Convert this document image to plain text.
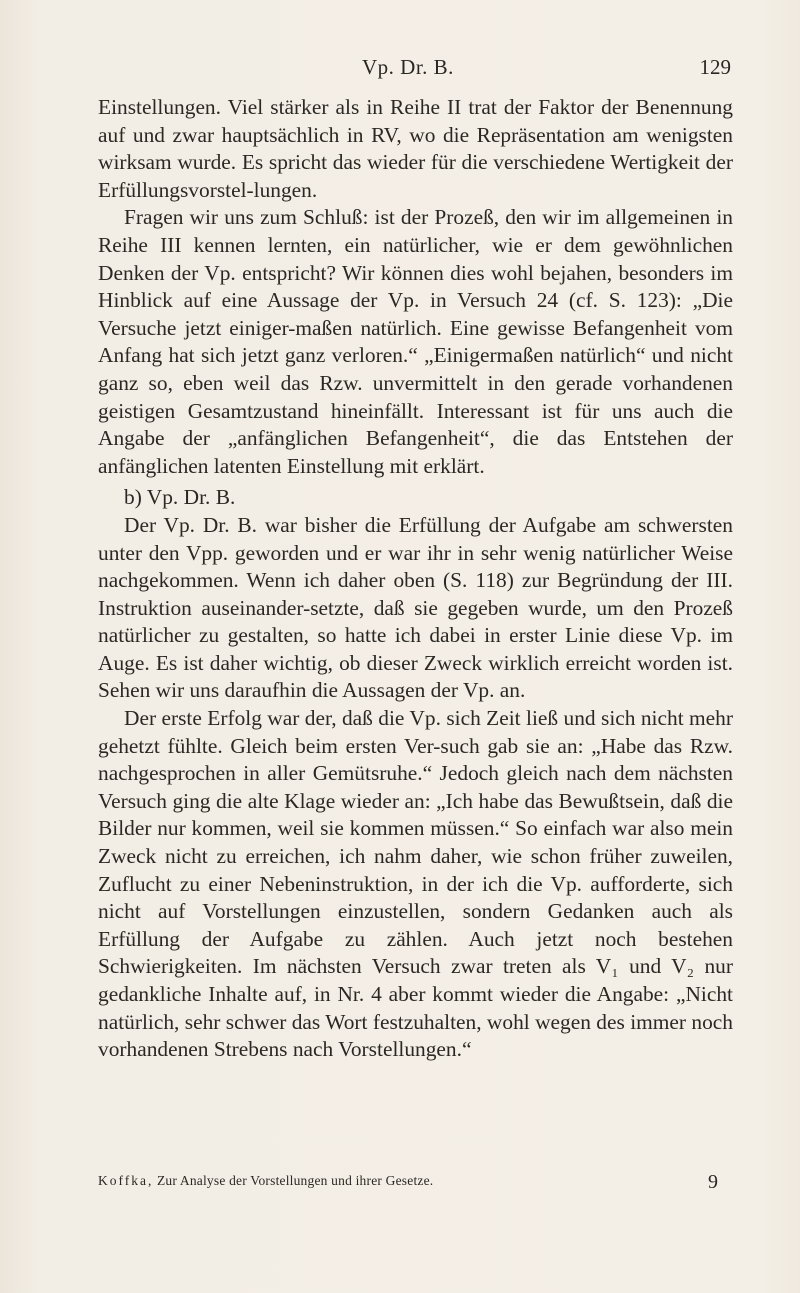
Vp. Dr. B.	129

Einstellungen. Viel stärker als in Reihe II trat der Faktor der Benennung auf und zwar hauptsächlich in RV, wo die Repräsentation am wenigsten wirksam wurde. Es spricht das wieder für die verschiedene Wertigkeit der Erfüllungsvorstel-lungen.

Fragen wir uns zum Schluß: ist der Prozeß, den wir im allgemeinen in Reihe III kennen lernten, ein natürlicher, wie er dem gewöhnlichen Denken der Vp. entspricht? Wir können dies wohl bejahen, besonders im Hinblick auf eine Aussage der Vp. in Versuch 24 (cf. S. 123): „Die Versuche jetzt einiger-maßen natürlich. Eine gewisse Befangenheit vom Anfang hat sich jetzt ganz verloren.“ „Einigermaßen natürlich“ und nicht ganz so, eben weil das Rzw. unvermittelt in den gerade vorhandenen geistigen Gesamtzustand hineinfällt. Interessant ist für uns auch die Angabe der „anfänglichen Befangenheit“, die das Entstehen der anfänglichen latenten Einstellung mit erklärt.

b) Vp. Dr. B.

Der Vp. Dr. B. war bisher die Erfüllung der Aufgabe am schwersten unter den Vpp. geworden und er war ihr in sehr wenig natürlicher Weise nachgekommen. Wenn ich daher oben (S. 118) zur Begründung der III. Instruktion auseinander-setzte, daß sie gegeben wurde, um den Prozeß natürlicher zu gestalten, so hatte ich dabei in erster Linie diese Vp. im Auge. Es ist daher wichtig, ob dieser Zweck wirklich erreicht worden ist. Sehen wir uns daraufhin die Aussagen der Vp. an.

Der erste Erfolg war der, daß die Vp. sich Zeit ließ und sich nicht mehr gehetzt fühlte. Gleich beim ersten Ver-such gab sie an: „Habe das Rzw. nachgesprochen in aller Gemütsruhe.“ Jedoch gleich nach dem nächsten Versuch ging die alte Klage wieder an: „Ich habe das Bewußtsein, daß die Bilder nur kommen, weil sie kommen müssen.“ So einfach war also mein Zweck nicht zu erreichen, ich nahm daher, wie schon früher zuweilen, Zuflucht zu einer Nebeninstruktion, in der ich die Vp. aufforderte, sich nicht auf Vorstellungen einzustellen, sondern Gedanken auch als Erfüllung der Aufgabe zu zählen. Auch jetzt noch bestehen Schwierigkeiten. Im nächsten Versuch zwar treten als V₁ und V₂ nur gedankliche Inhalte auf, in Nr. 4 aber kommt wieder die Angabe: „Nicht natürlich, sehr schwer das Wort festzuhalten, wohl wegen des immer noch vorhandenen Strebens nach Vorstellungen.“

Koffka, Zur Analyse der Vorstellungen und ihrer Gesetze.	9
